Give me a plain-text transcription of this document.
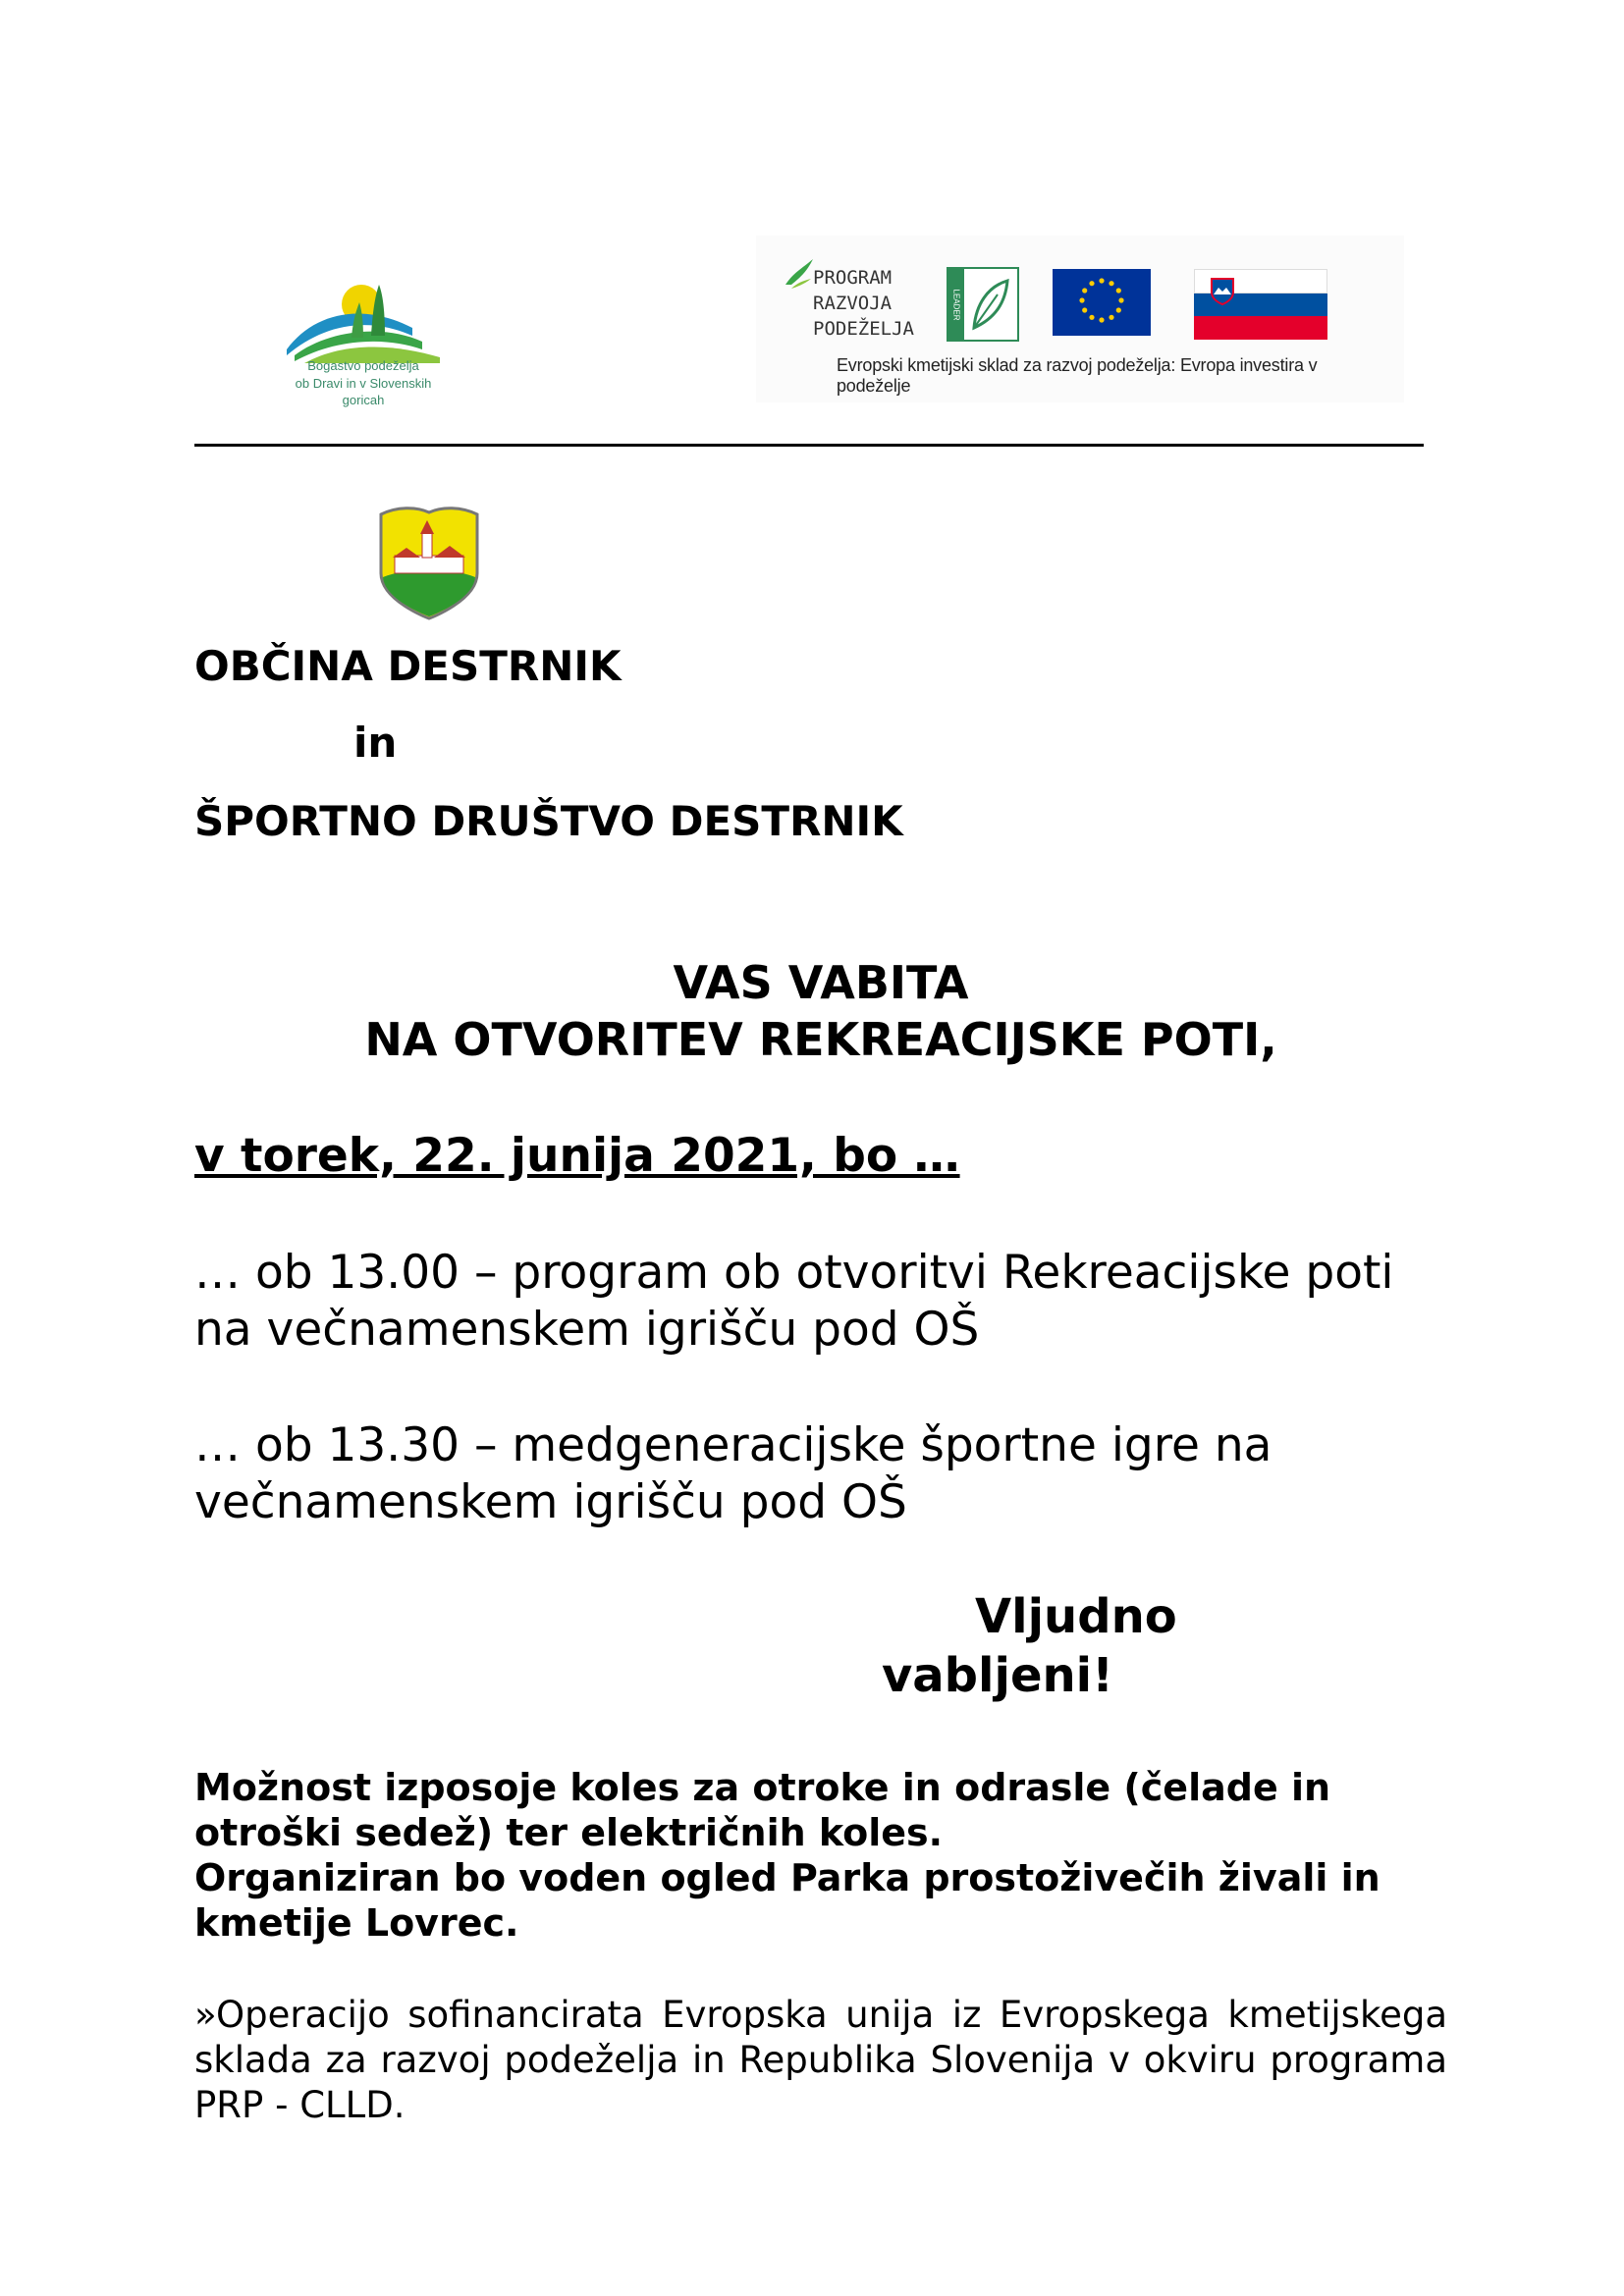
Bogastvo podeželja
ob Dravi in v Slovenskih goricah
PROGRAM
RAZVOJA
PODEŽELJA
LEADER
Evropski kmetijski sklad za razvoj podeželja: Evropa investira v podeželje
OBČINA DESTRNIK
in
ŠPORTNO DRUŠTVO DESTRNIK
VAS VABITA
NA OTVORITEV REKREACIJSKE POTI,
v torek, 22. junija 2021, bo …
… ob 13.00 – program ob otvoritvi Rekreacijske poti na večnamenskem igrišču pod OŠ
… ob 13.30 – medgeneracijske športne igre na večnamenskem igrišču pod OŠ
Vljudno
vabljeni!
Možnost izposoje koles za otroke in odrasle (čelade in otroški sedež) ter električnih koles.
Organiziran bo voden ogled Parka prostoživečih živali in kmetije Lovrec.
»Operacijo sofinancirata Evropska unija iz Evropskega kmetijskega sklada za razvoj podeželja in Republika Slovenija v okviru programa PRP - CLLD.
